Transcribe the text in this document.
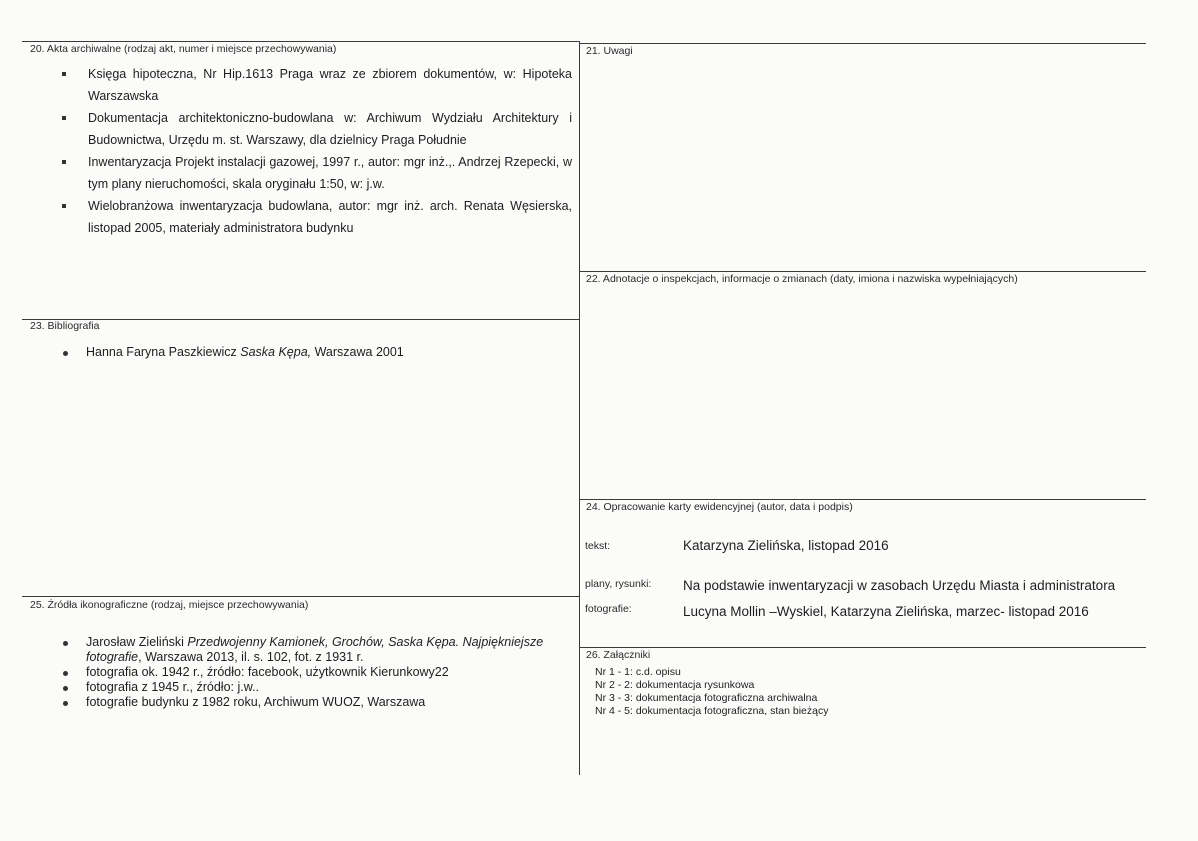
20. Akta archiwalne (rodzaj akt, numer i miejsce przechowywania)
Księga hipoteczna, Nr Hip.1613 Praga wraz ze zbiorem dokumentów, w: Hipoteka Warszawska
Dokumentacja architektoniczno-budowlana w: Archiwum Wydziału Architektury i Budownictwa, Urzędu m. st. Warszawy, dla dzielnicy Praga Południe
Inwentaryzacja Projekt instalacji gazowej, 1997 r., autor: mgr inż.,. Andrzej Rzepecki, w tym plany nieruchomości, skala oryginału 1:50, w: j.w.
Wielobranżowa inwentaryzacja budowlana, autor: mgr inż. arch. Renata Węsierska, listopad 2005, materiały administratora budynku
21. Uwagi
22. Adnotacje o inspekcjach, informacje o zmianach (daty, imiona i nazwiska wypełniających)
23. Bibliografia
Hanna Faryna Paszkiewicz Saska Kępa, Warszawa 2001
24. Opracowanie karty ewidencyjnej (autor, data i podpis)
tekst:	Katarzyna Zielińska, listopad 2016
plany, rysunki: Na podstawie inwentaryzacji w zasobach Urzędu Miasta i administratora
fotografie:	Lucyna Mollin –Wyskiel, Katarzyna Zielińska, marzec- listopad 2016
25. Źródła ikonograficzne (rodzaj, miejsce przechowywania)
Jarosław Zieliński Przedwojenny Kamionek, Grochów, Saska Kępa. Najpiękniejsze fotografie, Warszawa 2013, il. s. 102, fot. z 1931 r.
fotografia ok. 1942 r., źródło: facebook, użytkownik Kierunkowy22
fotografia z 1945 r., źródło: j.w..
fotografie budynku z 1982 roku, Archiwum WUOZ, Warszawa
26. Załączniki
Nr 1 - 1: c.d. opisu
Nr 2 - 2: dokumentacja rysunkowa
Nr 3 - 3: dokumentacja fotograficzna archiwalna
Nr 4 - 5: dokumentacja fotograficzna, stan bieżący
